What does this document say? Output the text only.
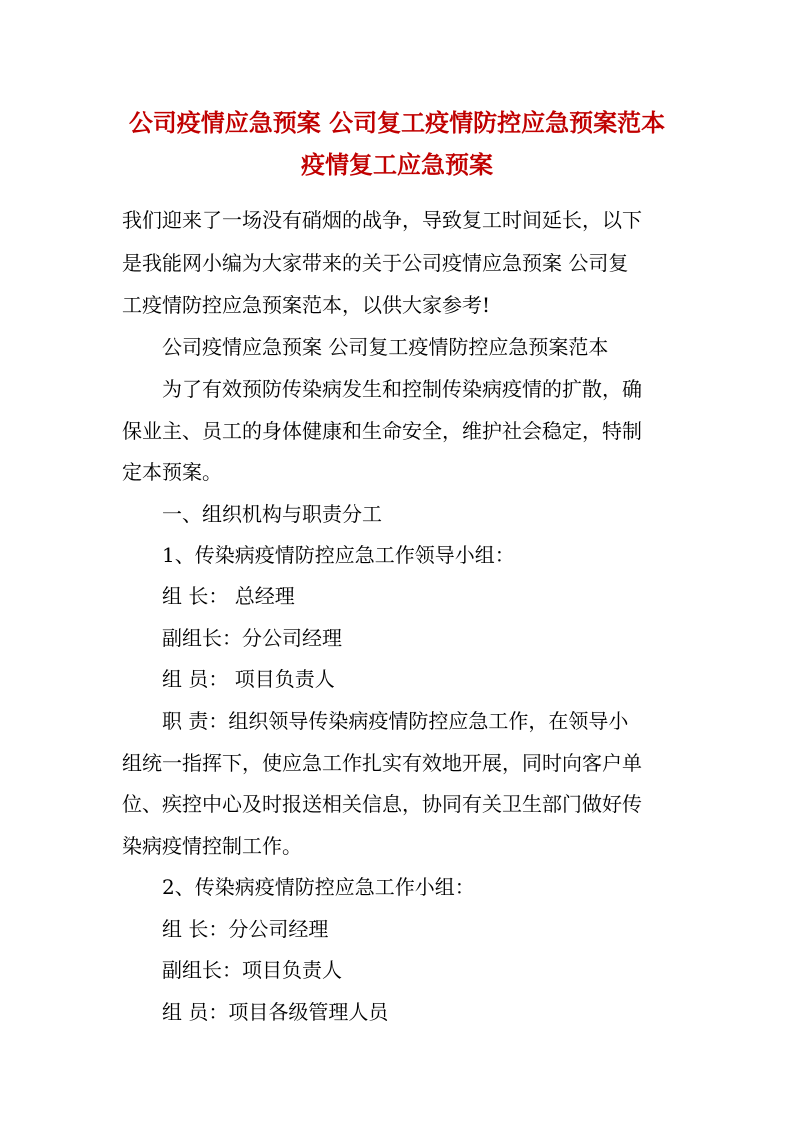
公司疫情应急预案 公司复工疫情防控应急预案范本
疫情复工应急预案
我们迎来了一场没有硝烟的战争，导致复工时间延长，以下
是我能网小编为大家带来的关于公司疫情应急预案 公司复
工疫情防控应急预案范本，以供大家参考!
公司疫情应急预案 公司复工疫情防控应急预案范本
为了有效预防传染病发生和控制传染病疫情的扩散，确
保业主、员工的身体健康和生命安全，维护社会稳定，特制
定本预案。
一、组织机构与职责分工
1、传染病疫情防控应急工作领导小组：
组 长： 总经理
副组长：分公司经理
组 员： 项目负责人
职 责：组织领导传染病疫情防控应急工作，在领导小
组统一指挥下，使应急工作扎实有效地开展，同时向客户单
位、疾控中心及时报送相关信息，协同有关卫生部门做好传
染病疫情控制工作。
2、传染病疫情防控应急工作小组：
组 长：分公司经理
副组长：项目负责人
组 员：项目各级管理人员
